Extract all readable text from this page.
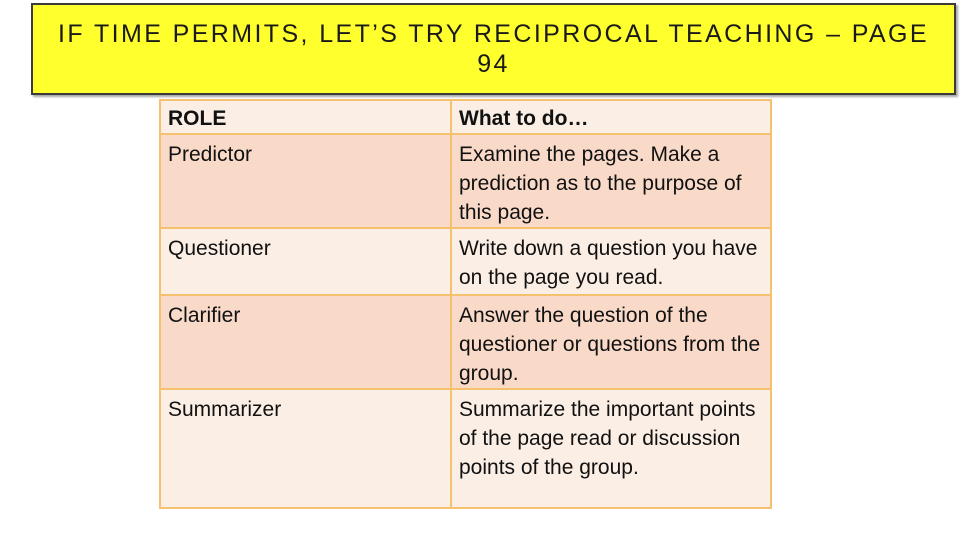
IF TIME PERMITS, LET’S TRY RECIPROCAL TEACHING – PAGE 94
ROLE	What to do…
Predictor	Examine the pages. Make a prediction as to the purpose of this page.
Questioner	Write down a question you have on the page you read.
Clarifier	Answer the question of the questioner or questions from the group.
Summarizer	Summarize the important points of the page read or discussion points of the group.
